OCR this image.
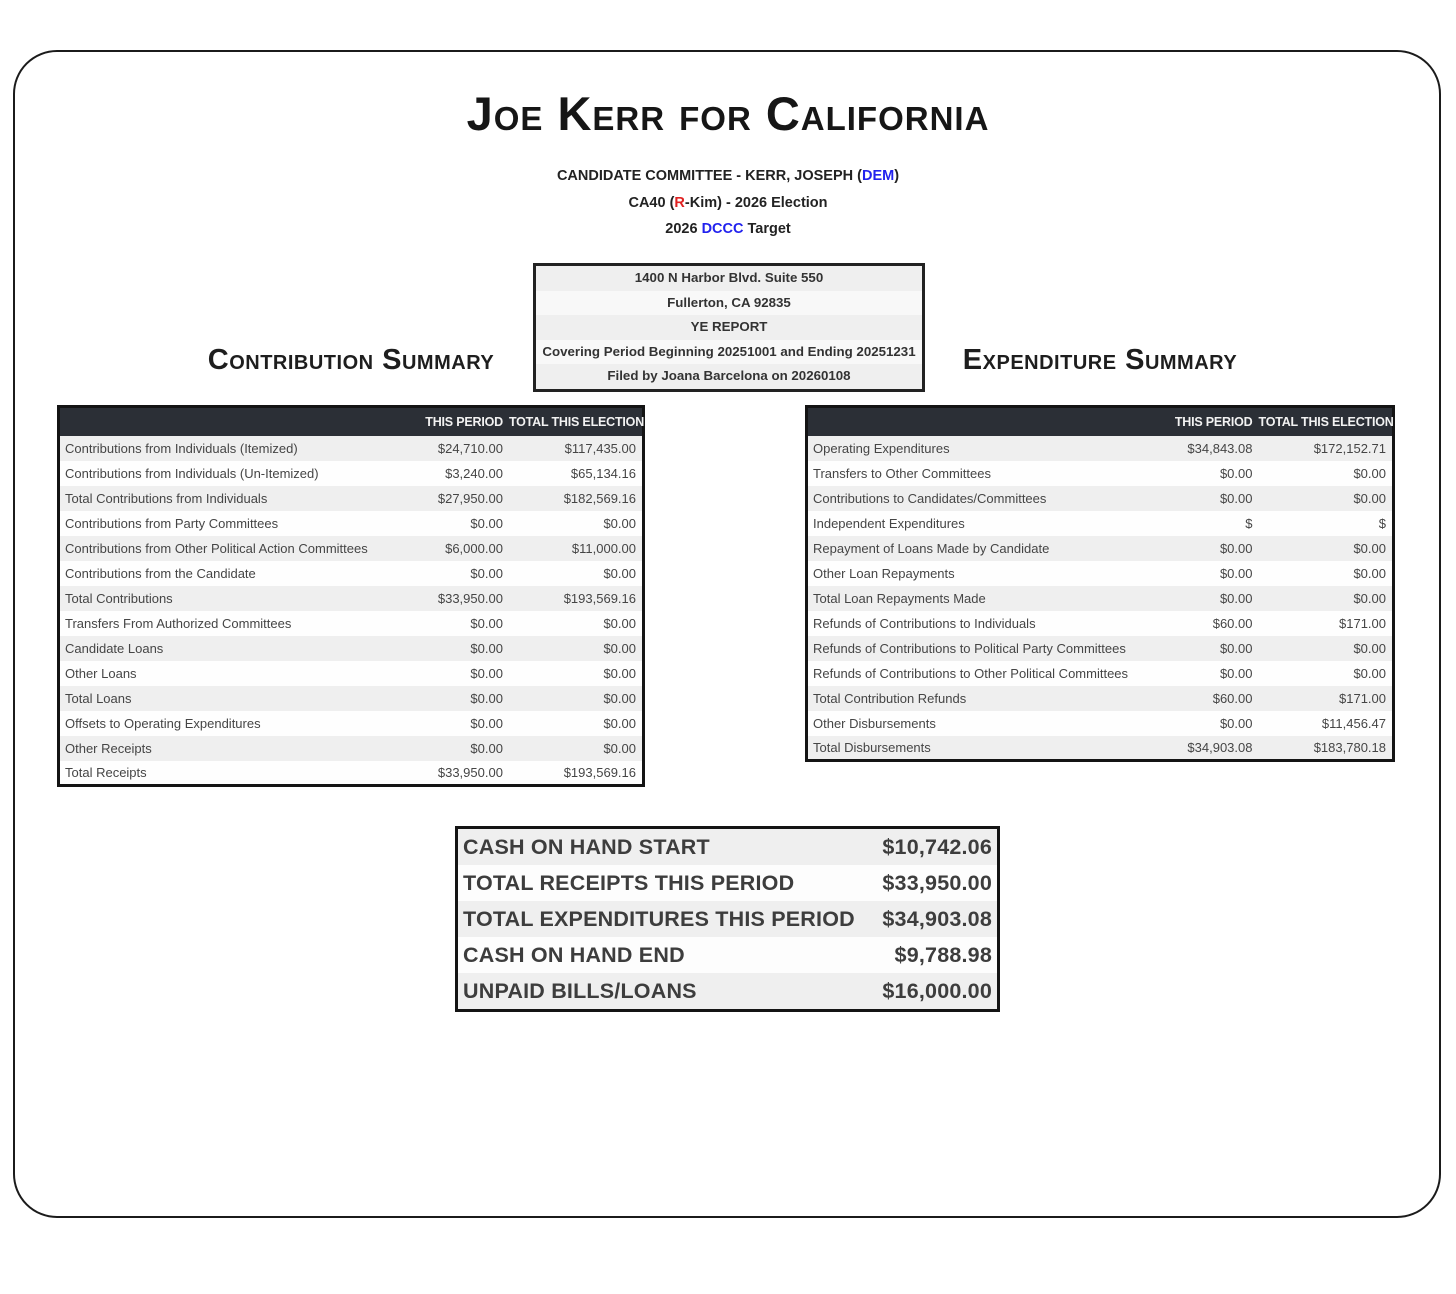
Joe Kerr for California
CANDIDATE COMMITTEE - KERR, JOSEPH (DEM)
CA40 (R-Kim) - 2026 Election
2026 DCCC Target
1400 N Harbor Blvd. Suite 550
Fullerton, CA 92835
YE REPORT
Covering Period Beginning 20251001 and Ending 20251231
Filed by Joana Barcelona on 20260108
Contribution Summary	Expenditure Summary
	THIS PERIOD	TOTAL THIS ELECTION
Contributions from Individuals (Itemized)	$24,710.00	$117,435.00
Contributions from Individuals (Un-Itemized)	$3,240.00	$65,134.16
Total Contributions from Individuals	$27,950.00	$182,569.16
Contributions from Party Committees	$0.00	$0.00
Contributions from Other Political Action Committees	$6,000.00	$11,000.00
Contributions from the Candidate	$0.00	$0.00
Total Contributions	$33,950.00	$193,569.16
Transfers From Authorized Committees	$0.00	$0.00
Candidate Loans	$0.00	$0.00
Other Loans	$0.00	$0.00
Total Loans	$0.00	$0.00
Offsets to Operating Expenditures	$0.00	$0.00
Other Receipts	$0.00	$0.00
Total Receipts	$33,950.00	$193,569.16
	THIS PERIOD	TOTAL THIS ELECTION
Operating Expenditures	$34,843.08	$172,152.71
Transfers to Other Committees	$0.00	$0.00
Contributions to Candidates/Committees	$0.00	$0.00
Independent Expenditures	$	$
Repayment of Loans Made by Candidate	$0.00	$0.00
Other Loan Repayments	$0.00	$0.00
Total Loan Repayments Made	$0.00	$0.00
Refunds of Contributions to Individuals	$60.00	$171.00
Refunds of Contributions to Political Party Committees	$0.00	$0.00
Refunds of Contributions to Other Political Committees	$0.00	$0.00
Total Contribution Refunds	$60.00	$171.00
Other Disbursements	$0.00	$11,456.47
Total Disbursements	$34,903.08	$183,780.18
CASH ON HAND START	$10,742.06
TOTAL RECEIPTS THIS PERIOD	$33,950.00
TOTAL EXPENDITURES THIS PERIOD $34,903.08
CASH ON HAND END	$9,788.98
UNPAID BILLS/LOANS	$16,000.00
